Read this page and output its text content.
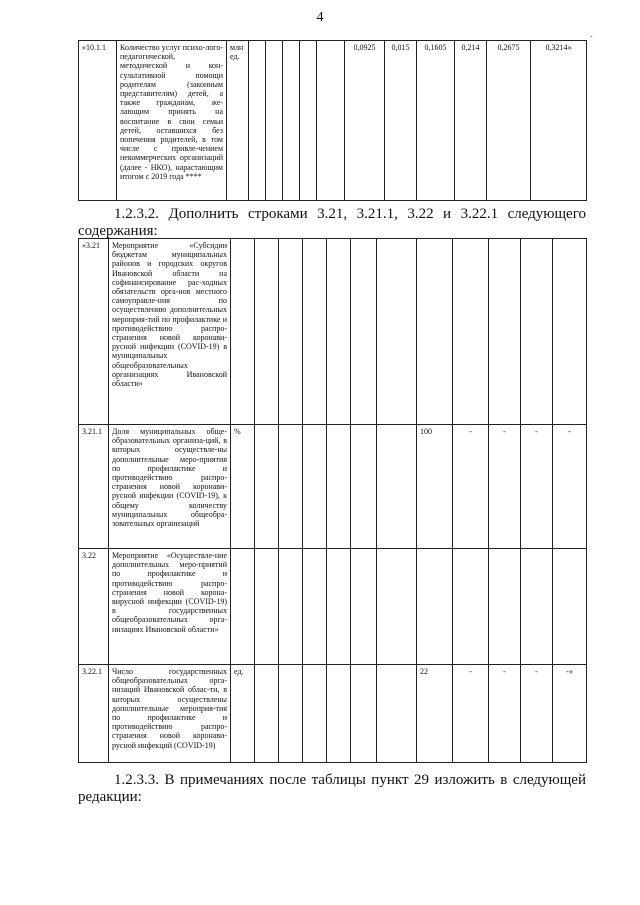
4
·
«10.1.1	Количество услуг психо-лого-педагогической, методической и кон-сультативной помощи родителям (законным представителям) детей, а также гражданам, же-лающим принять на воспитание в свои семьи детей, оставшихся без попечения родителей, в том числе с привле-чением некоммерческих организаций (далее - НКО), нарастающим итогом с 2019 года ****	млн ед.						0,0925	0,015	0,1605	0,214	0,2675	0,3214»

1.2.3.2. Дополнить строками 3.21, 3.21.1, 3.22 и 3.22.1 следующего содержания:

«3.21	Мероприятие «Субсидии бюджетам муниципальных районов и городских округов Ивановской области на софинансирование рас-ходных обязательств орга-нов местного самоуправле-ния по осуществлению дополнительных мероприя-тий по профилактике и противодействию распро-странения новой коронави-русной инфекции (COVID-19) в муниципальных общеобразовательных организациях Ивановской области»												
3.21.1	Доля муниципальных обще-образовательных организа-ций, в которых осуществле-ны дополнительные меро-приятия по профилактике и противодействию распро-странения новой коронави-русной инфекции (COVID-19), к общему количеству муниципальных общеобра-зовательных организаций	%							100	-	-	-	-
3.22	Мероприятие «Осуществле-ние дополнительных меро-приятий по профилактике и противодействию распро-странения новой корона-вирусной инфекции (COVID-19) в государственных общеобразовательных орга-низациях Ивановской области»												
3.22.1	Число государственных общеобразовательных орга-низаций Ивановской облас-ти, в которых осуществлены дополнительные мероприя-тия по профилактике и противодействию распро-странения новой коронави-русной инфекций (COVID-19)	ед.							22	-	-	-	-»

1.2.3.3. В примечаниях после таблицы пункт 29 изложить в следующей редакции:
